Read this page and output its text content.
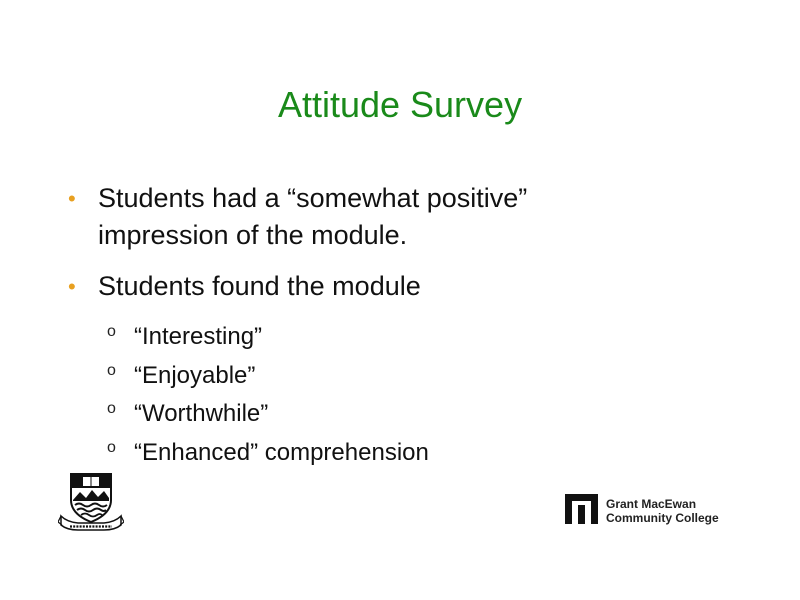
Attitude Survey
• Students had a “somewhat positive”
impression of the module.
• Students found the module
o “Interesting”
o “Enjoyable”
o “Worthwhile”
o “Enhanced” comprehension
Grant MacEwan
Community College
